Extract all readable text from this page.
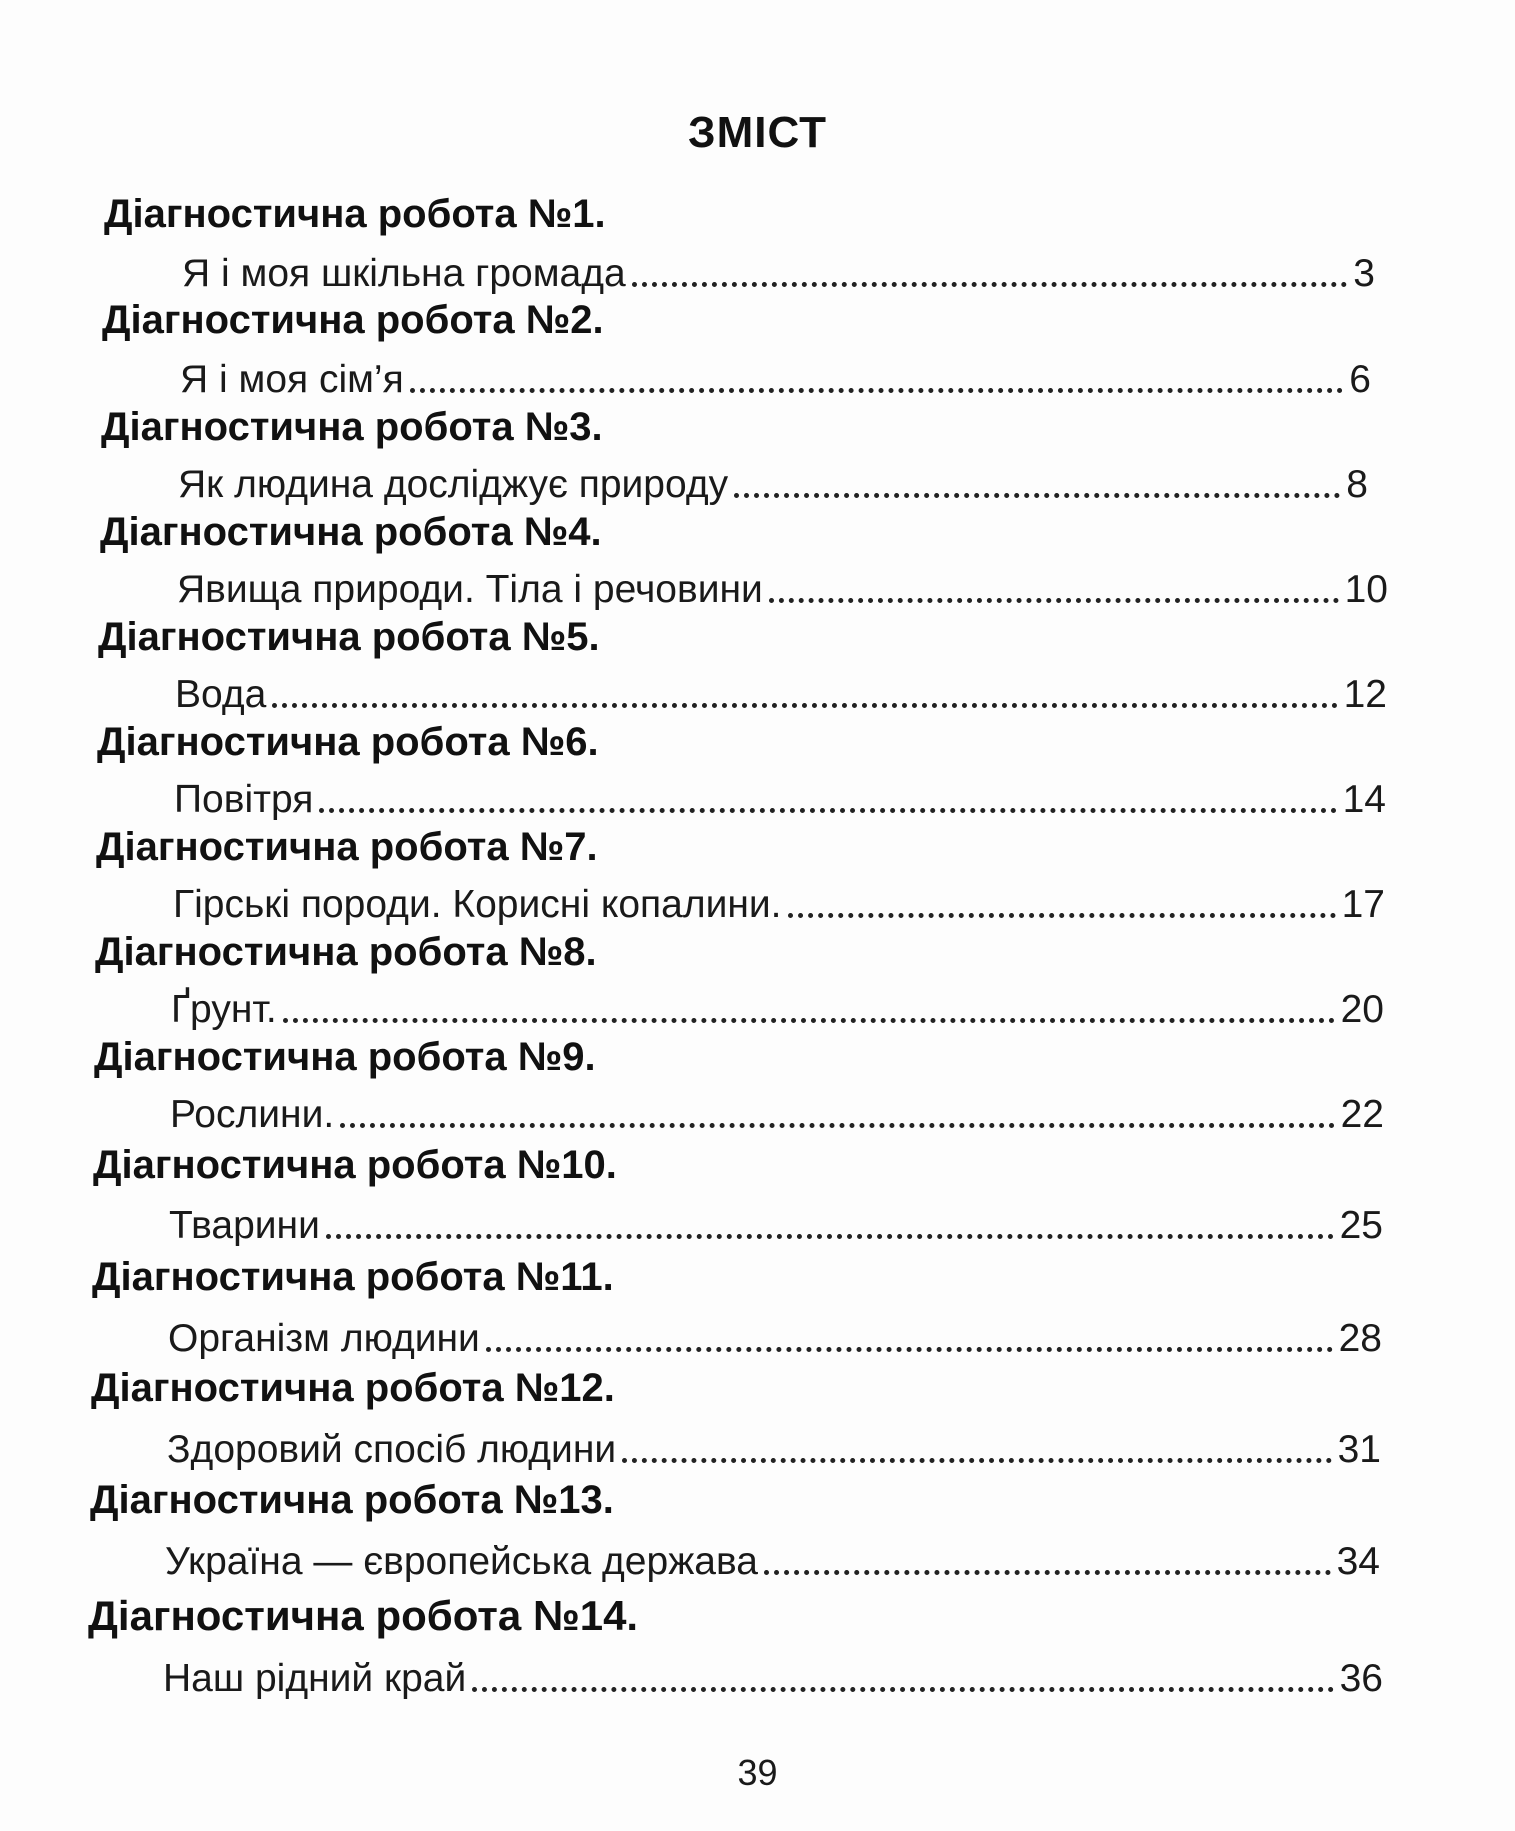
ЗМІСТ
Діагностична робота №1.
Я і моя шкільна громада	3
Діагностична робота №2.
Я і моя сім’я	6
Діагностична робота №3.
Як людина досліджує природу	8
Діагностична робота №4.
Явища природи. Тіла і речовини	10
Діагностична робота №5.
Вода	12
Діагностична робота №6.
Повітря	14
Діагностична робота №7.
Гірські породи. Корисні копалини.	17
Діагностична робота №8.
Ґрунт.	20
Діагностична робота №9.
Рослини.	22
Діагностична робота №10.
Тварини	25
Діагностична робота №11.
Організм людини	28
Діагностична робота №12.
Здоровий спосіб людини	31
Діагностична робота №13.
Україна — європейська держава	34
Діагностична робота №14.
Наш рідний край	36
39
